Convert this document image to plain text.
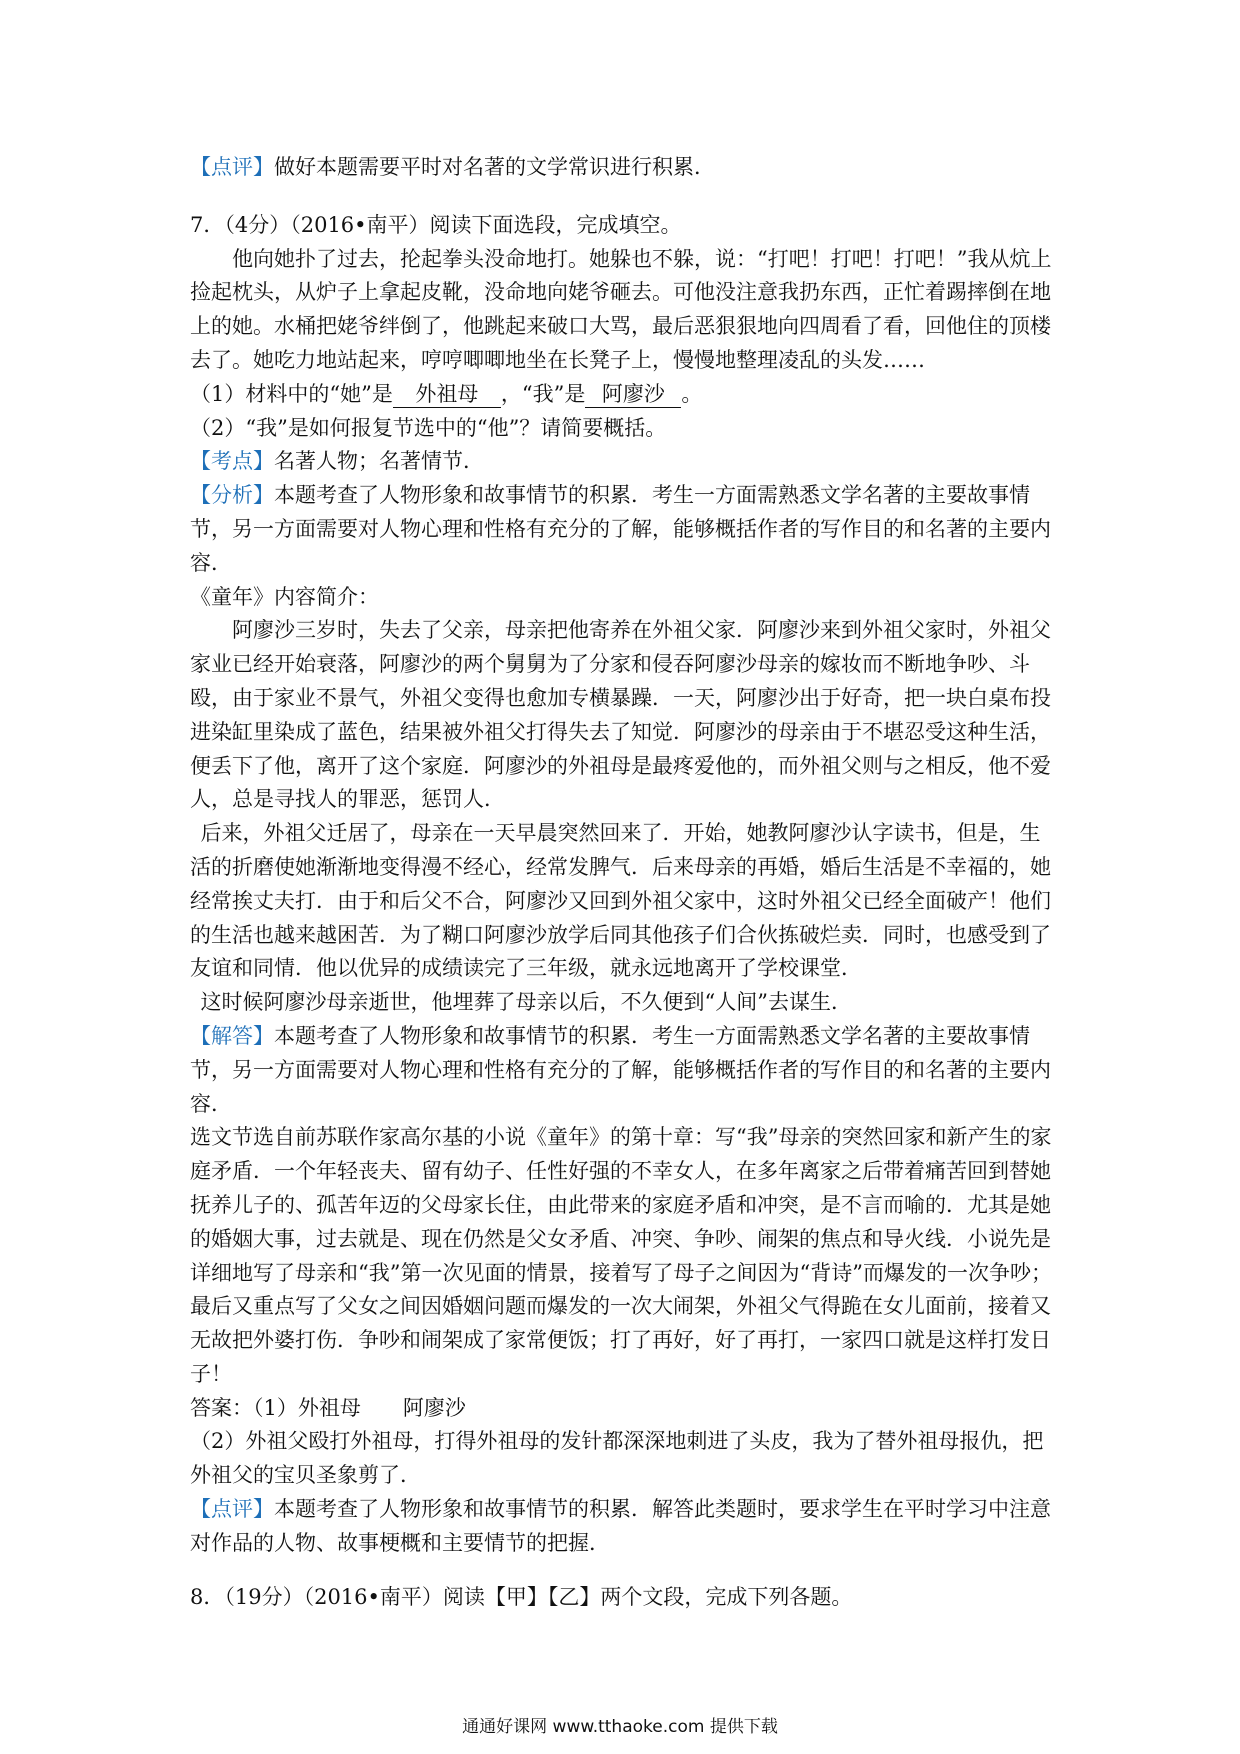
【点评】做好本题需要平时对名著的文学常识进行积累．

7．（4分）（2016•南平）阅读下面选段，完成填空。

他向她扑了过去，抡起拳头没命地打。她躲也不躲，说：“打吧！打吧！打吧！”我从炕上捡起枕头，从炉子上拿起皮靴，没命地向姥爷砸去。可他没注意我扔东西，正忙着踢摔倒在地上的她。水桶把姥爷绊倒了，他跳起来破口大骂，最后恶狠狠地向四周看了看，回他住的顶楼去了。她吃力地站起来，哼哼唧唧地坐在长凳子上，慢慢地整理凌乱的头发……

（1）材料中的“她”是 外祖母 ，“我”是 阿廖沙 。

（2）“我”是如何报复节选中的“他”？请简要概括。

【考点】名著人物；名著情节．

【分析】本题考查了人物形象和故事情节的积累．考生一方面需熟悉文学名著的主要故事情节，另一方面需要对人物心理和性格有充分的了解，能够概括作者的写作目的和名著的主要内容．

《童年》内容简介：

阿廖沙三岁时，失去了父亲，母亲把他寄养在外祖父家．阿廖沙来到外祖父家时，外祖父家业已经开始衰落，阿廖沙的两个舅舅为了分家和侵吞阿廖沙母亲的嫁妆而不断地争吵、斗殴，由于家业不景气，外祖父变得也愈加专横暴躁．一天，阿廖沙出于好奇，把一块白桌布投进染缸里染成了蓝色，结果被外祖父打得失去了知觉．阿廖沙的母亲由于不堪忍受这种生活，便丢下了他，离开了这个家庭．阿廖沙的外祖母是最疼爱他的，而外祖父则与之相反，他不爱人，总是寻找人的罪恶，惩罚人．

后来，外祖父迁居了，母亲在一天早晨突然回来了．开始，她教阿廖沙认字读书，但是，生活的折磨使她渐渐地变得漫不经心，经常发脾气．后来母亲的再婚，婚后生活是不幸福的，她经常挨丈夫打．由于和后父不合，阿廖沙又回到外祖父家中，这时外祖父已经全面破产！他们的生活也越来越困苦．为了糊口阿廖沙放学后同其他孩子们合伙拣破烂卖．同时，也感受到了友谊和同情．他以优异的成绩读完了三年级，就永远地离开了学校课堂．

这时候阿廖沙母亲逝世，他埋葬了母亲以后，不久便到“人间”去谋生．

【解答】本题考查了人物形象和故事情节的积累．考生一方面需熟悉文学名著的主要故事情节，另一方面需要对人物心理和性格有充分的了解，能够概括作者的写作目的和名著的主要内容．

选文节选自前苏联作家高尔基的小说《童年》的第十章：写“我”母亲的突然回家和新产生的家庭矛盾．一个年轻丧夫、留有幼子、任性好强的不幸女人，在多年离家之后带着痛苦回到替她抚养儿子的、孤苦年迈的父母家长住，由此带来的家庭矛盾和冲突，是不言而喻的．尤其是她的婚姻大事，过去就是、现在仍然是父女矛盾、冲突、争吵、闹架的焦点和导火线．小说先是详细地写了母亲和“我”第一次见面的情景，接着写了母子之间因为“背诗”而爆发的一次争吵；最后又重点写了父女之间因婚姻问题而爆发的一次大闹架，外祖父气得跪在女儿面前，接着又无故把外婆打伤．争吵和闹架成了家常便饭；打了再好，好了再打，一家四口就是这样打发日子！

答案：（1）外祖母　　阿廖沙

（2）外祖父殴打外祖母，打得外祖母的发针都深深地刺进了头皮，我为了替外祖母报仇，把外祖父的宝贝圣象剪了．

【点评】本题考查了人物形象和故事情节的积累．解答此类题时，要求学生在平时学习中注意对作品的人物、故事梗概和主要情节的把握．

8．（19分）（2016•南平）阅读【甲】【乙】两个文段，完成下列各题。

通通好课网 www.tthaoke.com 提供下载
